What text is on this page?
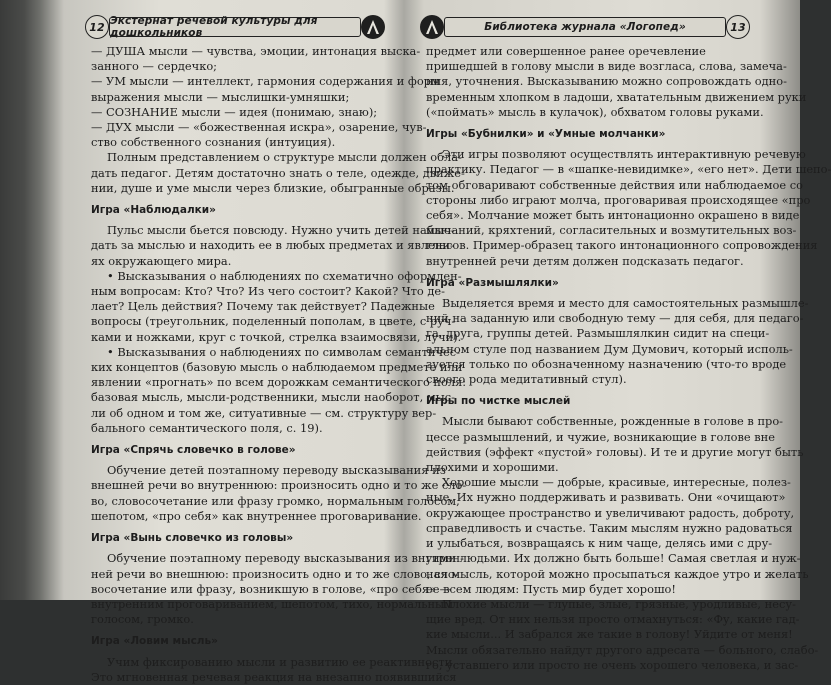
12 Экстернат речевой культуры для дошкольников
— ДУША мысли — чувства, эмоции, интонация выска-
занного — сердечко;
— УМ мысли — интеллект, гармония содержания и форм
выражения мысли — мыслишки-умняшки;
— СОЗНАНИЕ мысли — идея (понимаю, знаю);
— ДУХ мысли — «божественная искра», озарение, чув-
ство собственного сознания (интуиция).
Полным представлением о структуре мысли должен обла-
дать педагог. Детям достаточно знать о теле, одежде, движе-
нии, душе и уме мысли через близкие, обыгранные образы.
Игра «Наблюдалки»
Пульс мысли бьется повсюду. Нужно учить детей наблю-
дать за мыслью и находить ее в любых предметах и явлени-
ях окружающего мира.
• Высказывания о наблюдениях по схематично оформлен-
ным вопросам: Кто? Что? Из чего состоит? Какой? Что де-
лает? Цель действия? Почему так действует? Падежные
вопросы (треугольник, поделенный пополам, в цвете, с руч-
ками и ножками, круг с точкой, стрелка взаимосвязи, лучи).
• Высказывания о наблюдениях по символам семантичес-
ких концептов (базовую мысль о наблюдаемом предмете или
явлении «прогнать» по всем дорожкам семантического поля:
базовая мысль, мысли-родственники, мысли наоборот, мыс-
ли об одном и том же, ситуативные — см. структуру вер-
бального семантического поля, с. 19).
Игра «Спрячь словечко в голове»
Обучение детей поэтапному переводу высказывания из
внешней речи во внутреннюю: произносить одно и то же сло-
во, словосочетание или фразу громко, нормальным голосом,
шепотом, «про себя» как внутреннее проговаривание.
Игра «Вынь словечко из головы»
Обучение поэтапному переводу высказывания из внутрен-
ней речи во внешнюю: произносить одно и то же слово, сло-
восочетание или фразу, возникшую в голове, «про себя» —
внутренним проговариванием, шепотом, тихо, нормальным
голосом, громко.
Игра «Ловим мысль»
Учим фиксированию мысли и развитию ее реактивности.
Это мгновенная речевая реакция на внезапно появившийся
Библиотека журнала «Логопед»	13
предмет или совершенное ранее оречевление
пришедшей в голову мысли в виде возгласа, слова, замеча-
ния, уточнения. Высказыванию можно сопровождать одно-
временным хлопком в ладоши, хватательным движением руки
(«поймать» мысль в кулачок), обхватом головы руками.
Игры «Бубнилки» и «Умные молчанки»
Эти игры позволяют осуществлять интерактивную речевую
практику. Педагог — в «шапке-невидимке», «его нет». Дети шепо-
том обговаривают собственные действия или наблюдаемое со
стороны либо играют молча, проговаривая происходящее «про
себя». Молчание может быть интонационно окрашено в виде
мычаний, кряхтений, согласительных и возмутительных воз-
гласов. Пример-образец такого интонационного сопровождения
внутренней речи детям должен подсказать педагог.
Игра «Размышлялки»
Выделяется время и место для самостоятельных размышле-
ний на заданную или свободную тему — для себя, для педаго-
га, друга, группы детей. Размышлялкин сидит на специ-
альном стуле под названием Дум Думович, который исполь-
зуется только по обозначенному назначению (что-то вроде
своего рода медитативный стул).
Игры по чистке мыслей
Мысли бывают собственные, рожденные в голове в про-
цессе размышлений, и чужие, возникающие в голове вне
действия (эффект «пустой» головы). И те и другие могут быть
плохими и хорошими.
Хорошие мысли — добрые, красивые, интересные, полез-
ные. Их нужно поддерживать и развивать. Они «очищают»
окружающее пространство и увеличивают радость, доброту,
справедливость и счастье. Таким мыслям нужно радоваться
и улыбаться, возвращаясь к ним чаще, делясь ими с дру-
гими людьми. Их должно быть больше! Самая светлая и нуж-
ная мысль, которой можно просыпаться каждое утро и желать
ее всем людям: Пусть мир будет хорошо!
Плохие мысли — глупые, злые, грязные, уродливые, несу-
щие вред. От них нельзя просто отмахнуться: «Фу, какие гад-
кие мысли... И забрался же такие в голову! Уйдите от меня!
Мысли обязательно найдут другого адресата — больного, слабо-
го, уставшего или просто не очень хорошего человека, и зас-
